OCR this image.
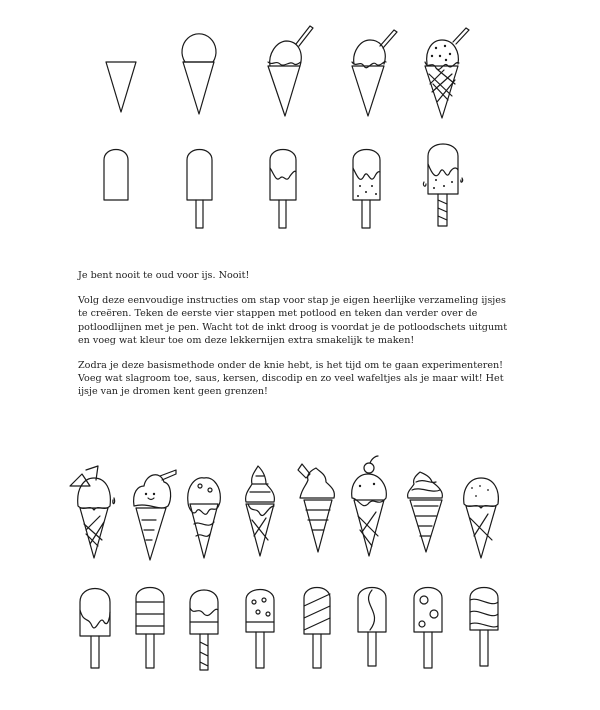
Je bent nooit te oud voor ijs. Nooit!

Volg deze eenvoudige instructies om stap voor stap je eigen heerlijke verzameling ijsjes te creëren. Teken de eerste vier stappen met potlood en teken dan verder over de potloodlijnen met je pen. Wacht tot de inkt droog is voordat je de potloodschets uitgumt en voeg wat kleur toe om deze lekkernijen extra smakelijk te maken!

Zodra je deze basismethode onder de knie hebt, is het tijd om te gaan experimenteren! Voeg wat slagroom toe, saus, kersen, discodip en zo veel wafeltjes als je maar wilt! Het ijsje van je dromen kent geen grenzen!
